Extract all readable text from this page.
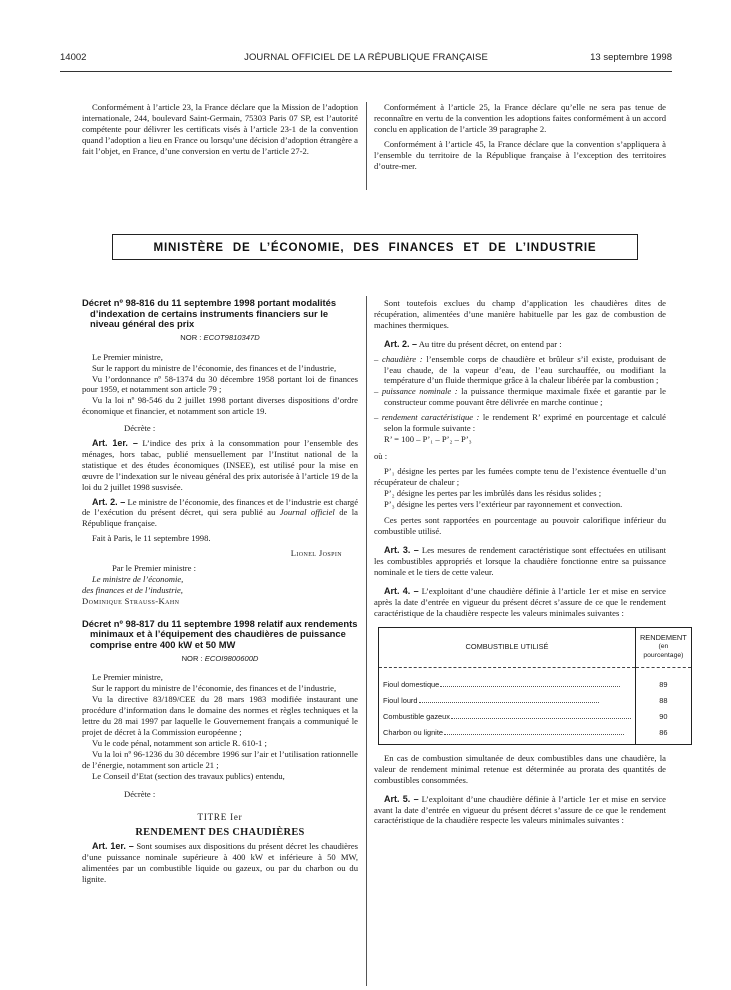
14002	JOURNAL OFFICIEL DE LA RÉPUBLIQUE FRANÇAISE	13 septembre 1998

Conformément à l’article 23, la France déclare que la Mission de l’adoption internationale, 244, boulevard Saint-Germain, 75303 Paris 07 SP, est l’autorité compétente pour délivrer les certificats visés à l’article 23-1 de la convention quand l’adoption a lieu en France ou lorsqu’une décision d’adoption étrangère a fait l’objet, en France, d’une conversion en vertu de l’article 27-2.

Conformément à l’article 25, la France déclare qu’elle ne sera pas tenue de reconnaître en vertu de la convention les adoptions faites conformément à un accord conclu en application de l’article 39 paragraphe 2.

Conformément à l’article 45, la France déclare que la convention s’appliquera à l’ensemble du territoire de la République française à l’exception des territoires d’outre-mer.

MINISTÈRE DE L’ÉCONOMIE, DES FINANCES ET DE L’INDUSTRIE
Décret nº 98-816 du 11 septembre 1998 portant modalités d’indexation de certains instruments financiers sur le niveau général des prix
NOR : ECOT9810347D

Le Premier ministre,

Sur le rapport du ministre de l’économie, des finances et de l’industrie,

Vu l’ordonnance nº 58-1374 du 30 décembre 1958 portant loi de finances pour 1959, et notamment son article 79 ;

Vu la loi nº 98-546 du 2 juillet 1998 portant diverses dispositions d’ordre économique et financier, et notamment son article 19.

Décrète :

Art. 1er. – L’indice des prix à la consommation pour l’ensemble des ménages, hors tabac, publié mensuellement par l’Institut national de la statistique et des études économiques (INSEE), est utilisé pour la mise en œuvre de l’indexation sur le niveau général des prix autorisée à l’article 19 de la loi du 2 juillet 1998 susvisée.

Art. 2. – Le ministre de l’économie, des finances et de l’industrie est chargé de l’exécution du présent décret, qui sera publié au Journal officiel de la République française.

Fait à Paris, le 11 septembre 1998.

Lionel Jospin

Par le Premier ministre :

Le ministre de l’économie,

des finances et de l’industrie,

Dominique Strauss-Kahn

Décret nº 98-817 du 11 septembre 1998 relatif aux rendements minimaux et à l’équipement des chaudières de puissance comprise entre 400 kW et 50 MW
NOR : ECOI9800600D

Le Premier ministre,

Sur le rapport du ministre de l’économie, des finances et de l’industrie,

Vu la directive 83/189/CEE du 28 mars 1983 modifiée instaurant une procédure d’information dans le domaine des normes et règles techniques et la lettre du 28 mai 1997 par laquelle le Gouvernement français a communiqué le projet de décret à la Commission européenne ;

Vu le code pénal, notamment son article R. 610-1 ;

Vu la loi nº 96-1236 du 30 décembre 1996 sur l’air et l’utilisation rationnelle de l’énergie, notamment son article 21 ;

Le Conseil d’Etat (section des travaux publics) entendu,

Décrète :

TITRE Ier
RENDEMENT DES CHAUDIÈRES

Art. 1er. – Sont soumises aux dispositions du présent décret les chaudières d’une puissance nominale supérieure à 400 kW et inférieure à 50 MW, alimentées par un combustible liquide ou gazeux, ou par du charbon ou du lignite.

Sont toutefois exclues du champ d’application les chaudières dites de récupération, alimentées d’une manière habituelle par les gaz de combustion de machines thermiques.

Art. 2. – Au titre du présent décret, on entend par :

– chaudière : l’ensemble corps de chaudière et brûleur s’il existe, produisant de l’eau chaude, de la vapeur d’eau, de l’eau surchauffée, ou modifiant la température d’un fluide thermique grâce à la chaleur libérée par la combustion ;

– puissance nominale : la puissance thermique maximale fixée et garantie par le constructeur comme pouvant être délivrée en marche continue ;

– rendement caractéristique : le rendement R’ exprimé en pourcentage et calculé selon la formule suivante :

R’ = 100 – P’₁ – P’₂ – P’₃

où :

P’₁ désigne les pertes par les fumées compte tenu de l’existence éventuelle d’un récupérateur de chaleur ;

P’₂ désigne les pertes par les imbrûlés dans les résidus solides ;

P’₃ désigne les pertes vers l’extérieur par rayonnement et convection.

Ces pertes sont rapportées en pourcentage au pouvoir calorifique inférieur du combustible utilisé.

Art. 3. – Les mesures de rendement caractéristique sont effectuées en utilisant les combustibles appropriés et lorsque la chaudière fonctionne entre sa puissance nominale et le tiers de cette valeur.

Art. 4. – L’exploitant d’une chaudière définie à l’article 1er et mise en service après la date d’entrée en vigueur du présent décret s’assure de ce que le rendement caractéristique de la chaudière respecte les valeurs minimales suivantes :

COMBUSTIBLE UTILISÉ	RENDEMENT
(en pourcentage)
Fioul domestique	89
Fioul lourd	88
Combustible gazeux	90
Charbon ou lignite	86

En cas de combustion simultanée de deux combustibles dans une chaudière, la valeur de rendement minimal retenue est déterminée au prorata des quantités de combustibles consommées.

Art. 5. – L’exploitant d’une chaudière définie à l’article 1er et mise en service avant la date d’entrée en vigueur du présent décret s’assure de ce que le rendement caractéristique de la chaudière respecte les valeurs minimales suivantes :
